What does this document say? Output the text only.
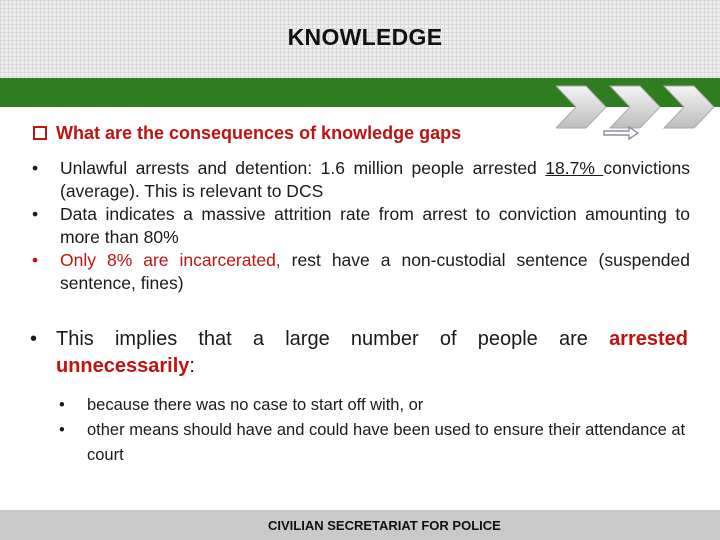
KNOWLEDGE
What are the consequences of knowledge gaps
• Unlawful arrests and detention: 1.6 million people arrested 18.7% convictions (average). This is relevant to DCS
• Data indicates a massive attrition rate from arrest to conviction amounting to more than 80%
• Only 8% are incarcerated, rest have a non-custodial sentence (suspended sentence, fines)
• This implies that a large number of people are arrested unnecessarily:
• because there was no case to start off with, or
• other means should have and could have been used to ensure their attendance at court
CIVILIAN SECRETARIAT FOR POLICE
